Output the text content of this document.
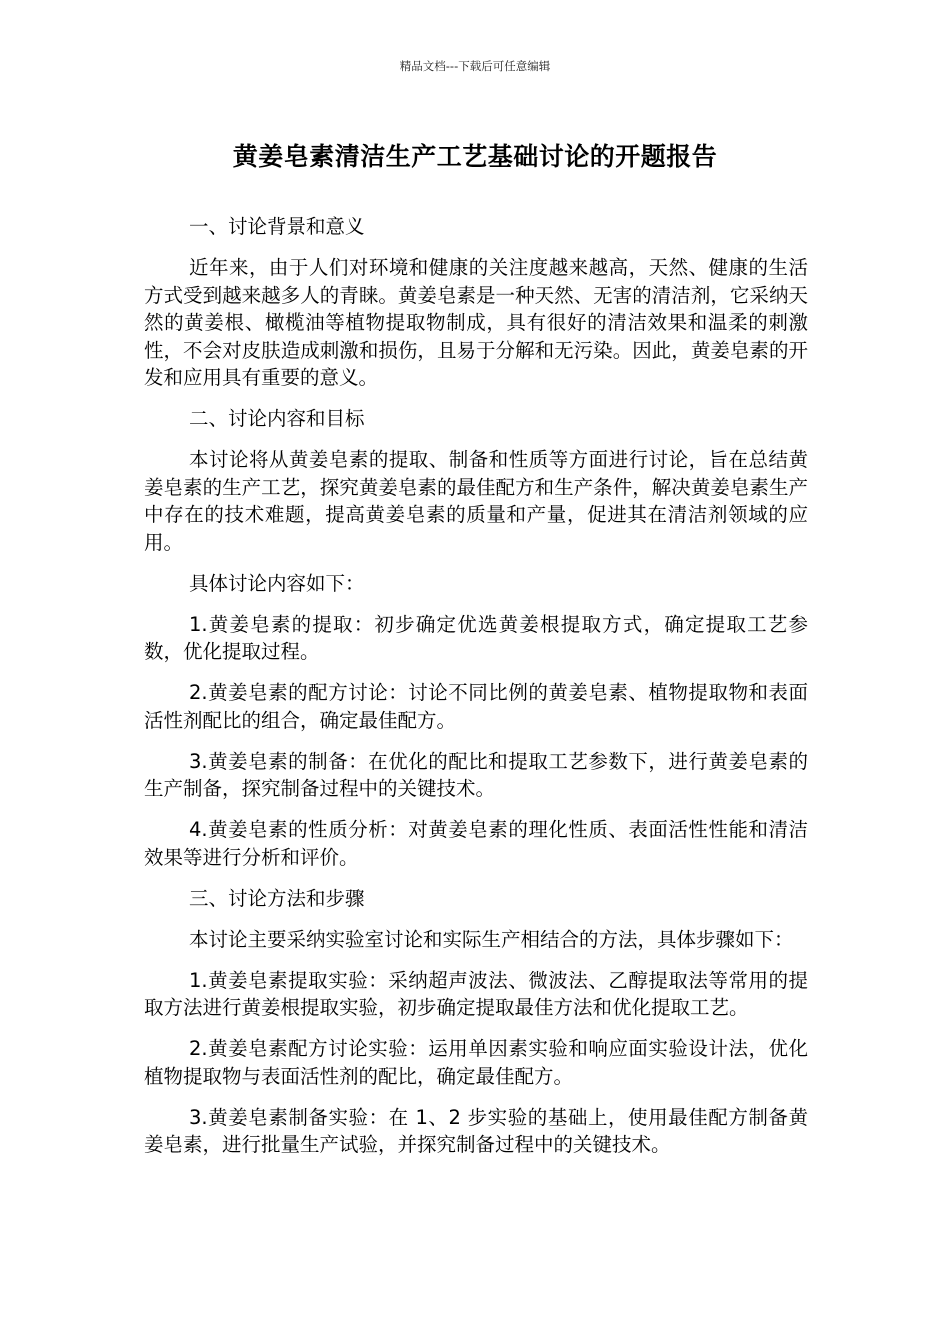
精品文档---下载后可任意编辑
黄姜皂素清洁生产工艺基础讨论的开题报告

一、讨论背景和意义

近年来，由于人们对环境和健康的关注度越来越高，天然、健康的生活方式受到越来越多人的青睐。黄姜皂素是一种天然、无害的清洁剂，它采纳天然的黄姜根、橄榄油等植物提取物制成，具有很好的清洁效果和温柔的刺激性，不会对皮肤造成刺激和损伤，且易于分解和无污染。因此，黄姜皂素的开发和应用具有重要的意义。

二、讨论内容和目标

本讨论将从黄姜皂素的提取、制备和性质等方面进行讨论，旨在总结黄姜皂素的生产工艺，探究黄姜皂素的最佳配方和生产条件，解决黄姜皂素生产中存在的技术难题，提高黄姜皂素的质量和产量，促进其在清洁剂领域的应用。

具体讨论内容如下：

1.黄姜皂素的提取：初步确定优选黄姜根提取方式，确定提取工艺参数，优化提取过程。

2.黄姜皂素的配方讨论：讨论不同比例的黄姜皂素、植物提取物和表面活性剂配比的组合，确定最佳配方。

3.黄姜皂素的制备：在优化的配比和提取工艺参数下，进行黄姜皂素的生产制备，探究制备过程中的关键技术。

4.黄姜皂素的性质分析：对黄姜皂素的理化性质、表面活性性能和清洁效果等进行分析和评价。

三、讨论方法和步骤

本讨论主要采纳实验室讨论和实际生产相结合的方法，具体步骤如下：

1.黄姜皂素提取实验：采纳超声波法、微波法、乙醇提取法等常用的提取方法进行黄姜根提取实验，初步确定提取最佳方法和优化提取工艺。

2.黄姜皂素配方讨论实验：运用单因素实验和响应面实验设计法，优化植物提取物与表面活性剂的配比，确定最佳配方。

3.黄姜皂素制备实验：在 1、2 步实验的基础上，使用最佳配方制备黄姜皂素，进行批量生产试验，并探究制备过程中的关键技术。
